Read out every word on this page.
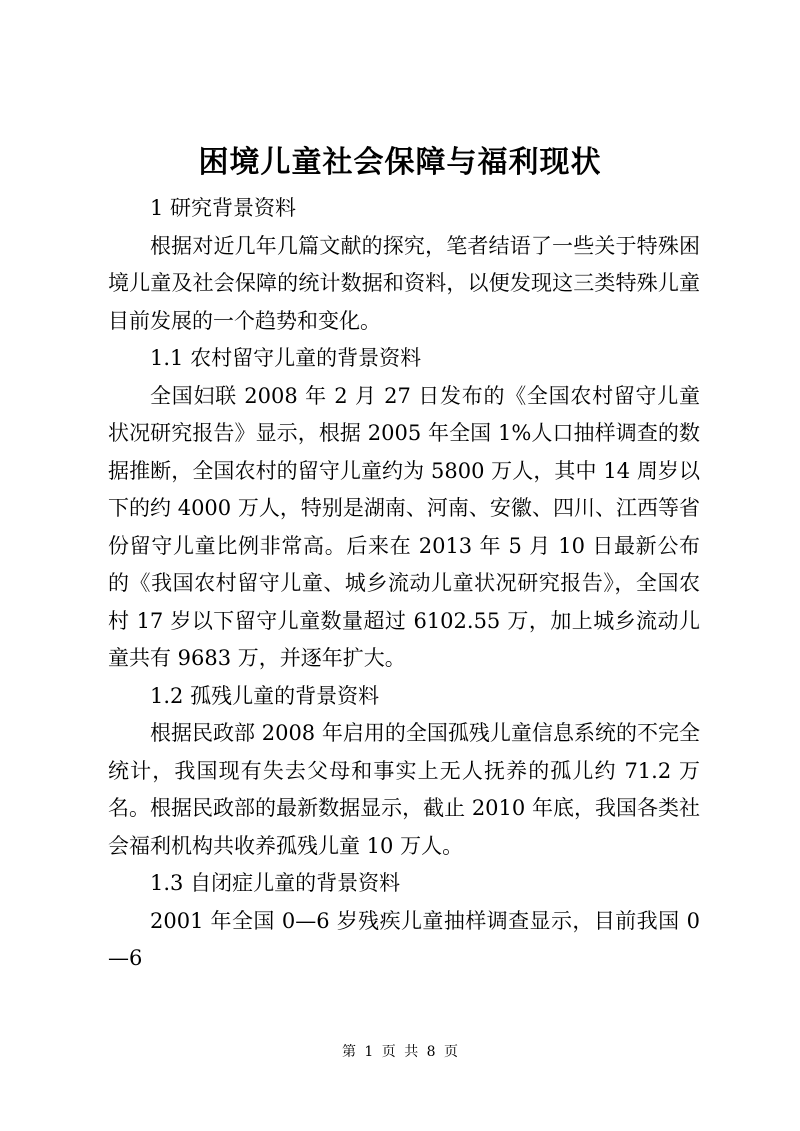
困境儿童社会保障与福利现状

1 研究背景资料

根据对近几年几篇文献的探究，笔者结语了一些关于特殊困境儿童及社会保障的统计数据和资料，以便发现这三类特殊儿童目前发展的一个趋势和变化。

1.1 农村留守儿童的背景资料

全国妇联 2008 年 2 月 27 日发布的《全国农村留守儿童状况研究报告》显示，根据 2005 年全国 1%人口抽样调查的数据推断，全国农村的留守儿童约为 5800 万人，其中 14 周岁以下的约 4000 万人，特别是湖南、河南、安徽、四川、江西等省份留守儿童比例非常高。后来在 2013 年 5 月 10 日最新公布的《我国农村留守儿童、城乡流动儿童状况研究报告》，全国农村 17 岁以下留守儿童数量超过 6102.55 万，加上城乡流动儿童共有 9683 万，并逐年扩大。

1.2 孤残儿童的背景资料

根据民政部 2008 年启用的全国孤残儿童信息系统的不完全统计，我国现有失去父母和事实上无人抚养的孤儿约 71.2 万名。根据民政部的最新数据显示，截止 2010 年底，我国各类社会福利机构共收养孤残儿童 10 万人。

1.3 自闭症儿童的背景资料

2001 年全国 0—6 岁残疾儿童抽样调查显示，目前我国 0—6

第 1 页 共 8 页
